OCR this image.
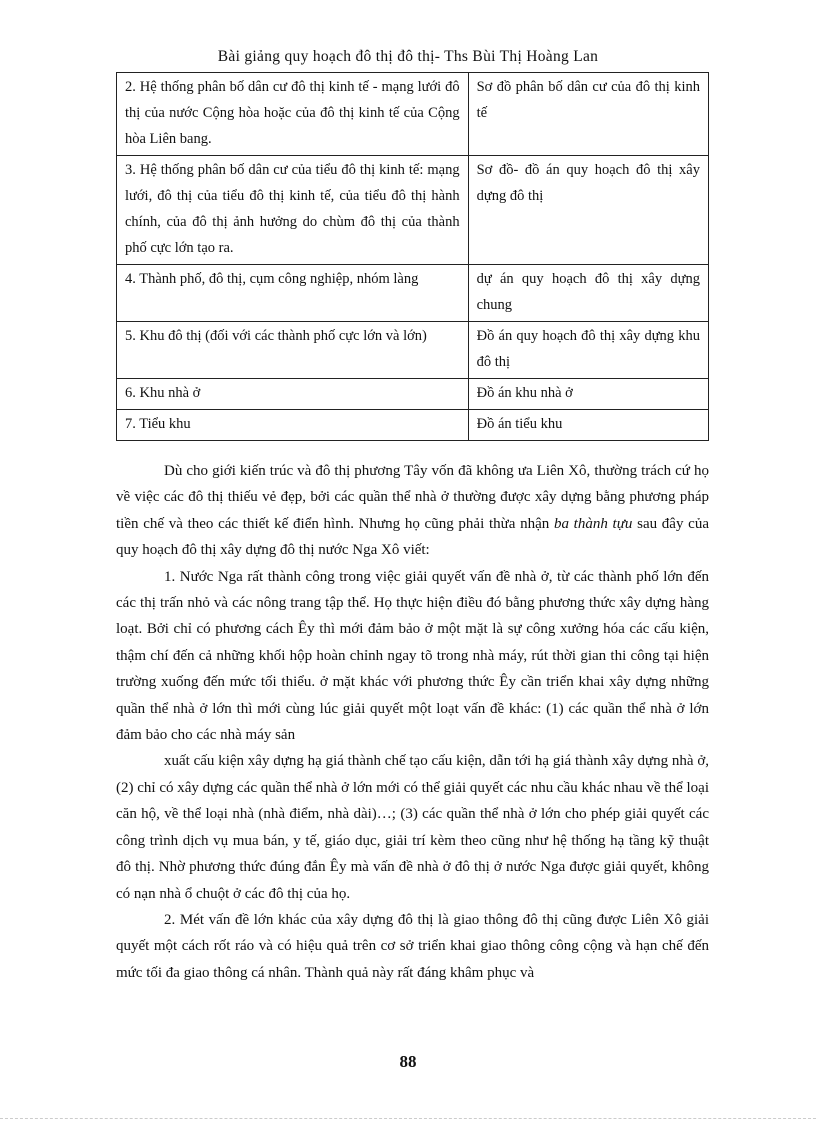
Bài giảng quy hoạch đô thị đô thị- Ths Bùi Thị Hoàng Lan
2. Hệ thống phân bố dân cư đô thị kinh tế - mạng lưới đô thị của nước Cộng hòa hoặc của đô thị kinh tế của Cộng hòa Liên bang.	Sơ đồ phân bố dân cư của đô thị kinh tế
3. Hệ thống phân bố dân cư của tiểu đô thị kinh tế: mạng lưới, đô thị của tiểu đô thị kinh tế, của tiểu đô thị hành chính, của đô thị ảnh hưởng do chùm đô thị của thành phố cực lớn tạo ra.	Sơ đồ- đồ án quy hoạch đô thị xây dựng đô thị
4. Thành phố, đô thị, cụm công nghiệp, nhóm làng	dự án quy hoạch đô thị xây dựng chung
5. Khu đô thị (đối với các thành phố cực lớn và lớn)	Đồ án quy hoạch đô thị xây dựng khu đô thị
6. Khu nhà ở	Đồ án khu nhà ở
7. Tiểu khu	Đồ án tiểu khu

Dù cho giới kiến trúc và đô thị phương Tây vốn đã không ưa Liên Xô, thường trách cứ họ về việc các đô thị thiếu vẻ đẹp, bởi các quần thể nhà ở thường được xây dựng bằng phương pháp tiền chế và theo các thiết kế điển hình. Nhưng họ cũng phải thừa nhận ba thành tựu sau đây của quy hoạch đô thị xây dựng đô thị nước Nga Xô viết:

1. Nước Nga rất thành công trong việc giải quyết vấn đề nhà ở, từ các thành phố lớn đến các thị trấn nhỏ và các nông trang tập thể. Họ thực hiện điều đó bằng phương thức xây dựng hàng loạt. Bởi chỉ có phương cách Êy thì mới đảm bảo ở một mặt là sự công xưởng hóa các cấu kiện, thậm chí đến cả những khối hộp hoàn chỉnh ngay tõ trong nhà máy, rút thời gian thi công tại hiện trường xuống đến mức tối thiểu. ở mặt khác với phương thức Êy cần triển khai xây dựng những quần thể nhà ở lớn thì mới cùng lúc giải quyết một loạt vấn đề khác: (1) các quần thể nhà ở lớn đảm bảo cho các nhà máy sản

xuất cấu kiện xây dựng hạ giá thành chế tạo cấu kiện, dẫn tới hạ giá thành xây dựng nhà ở, (2) chỉ có xây dựng các quần thể nhà ở lớn mới có thể giải quyết các nhu cầu khác nhau về thể loại căn hộ, về thể loại nhà (nhà điểm, nhà dài)…; (3) các quần thể nhà ở lớn cho phép giải quyết các công trình dịch vụ mua bán, y tế, giáo dục, giải trí kèm theo cũng như hệ thống hạ tầng kỹ thuật đô thị. Nhờ phương thức đúng đắn Êy mà vấn đề nhà ở đô thị ở nước Nga được giải quyết, không có nạn nhà ổ chuột ở các đô thị của họ.

2. Mét vấn đề lớn khác của xây dựng đô thị là giao thông đô thị cũng được Liên Xô giải quyết một cách rốt ráo và có hiệu quả trên cơ sở triển khai giao thông công cộng và hạn chế đến mức tối đa giao thông cá nhân. Thành quả này rất đáng khâm phục và

88
